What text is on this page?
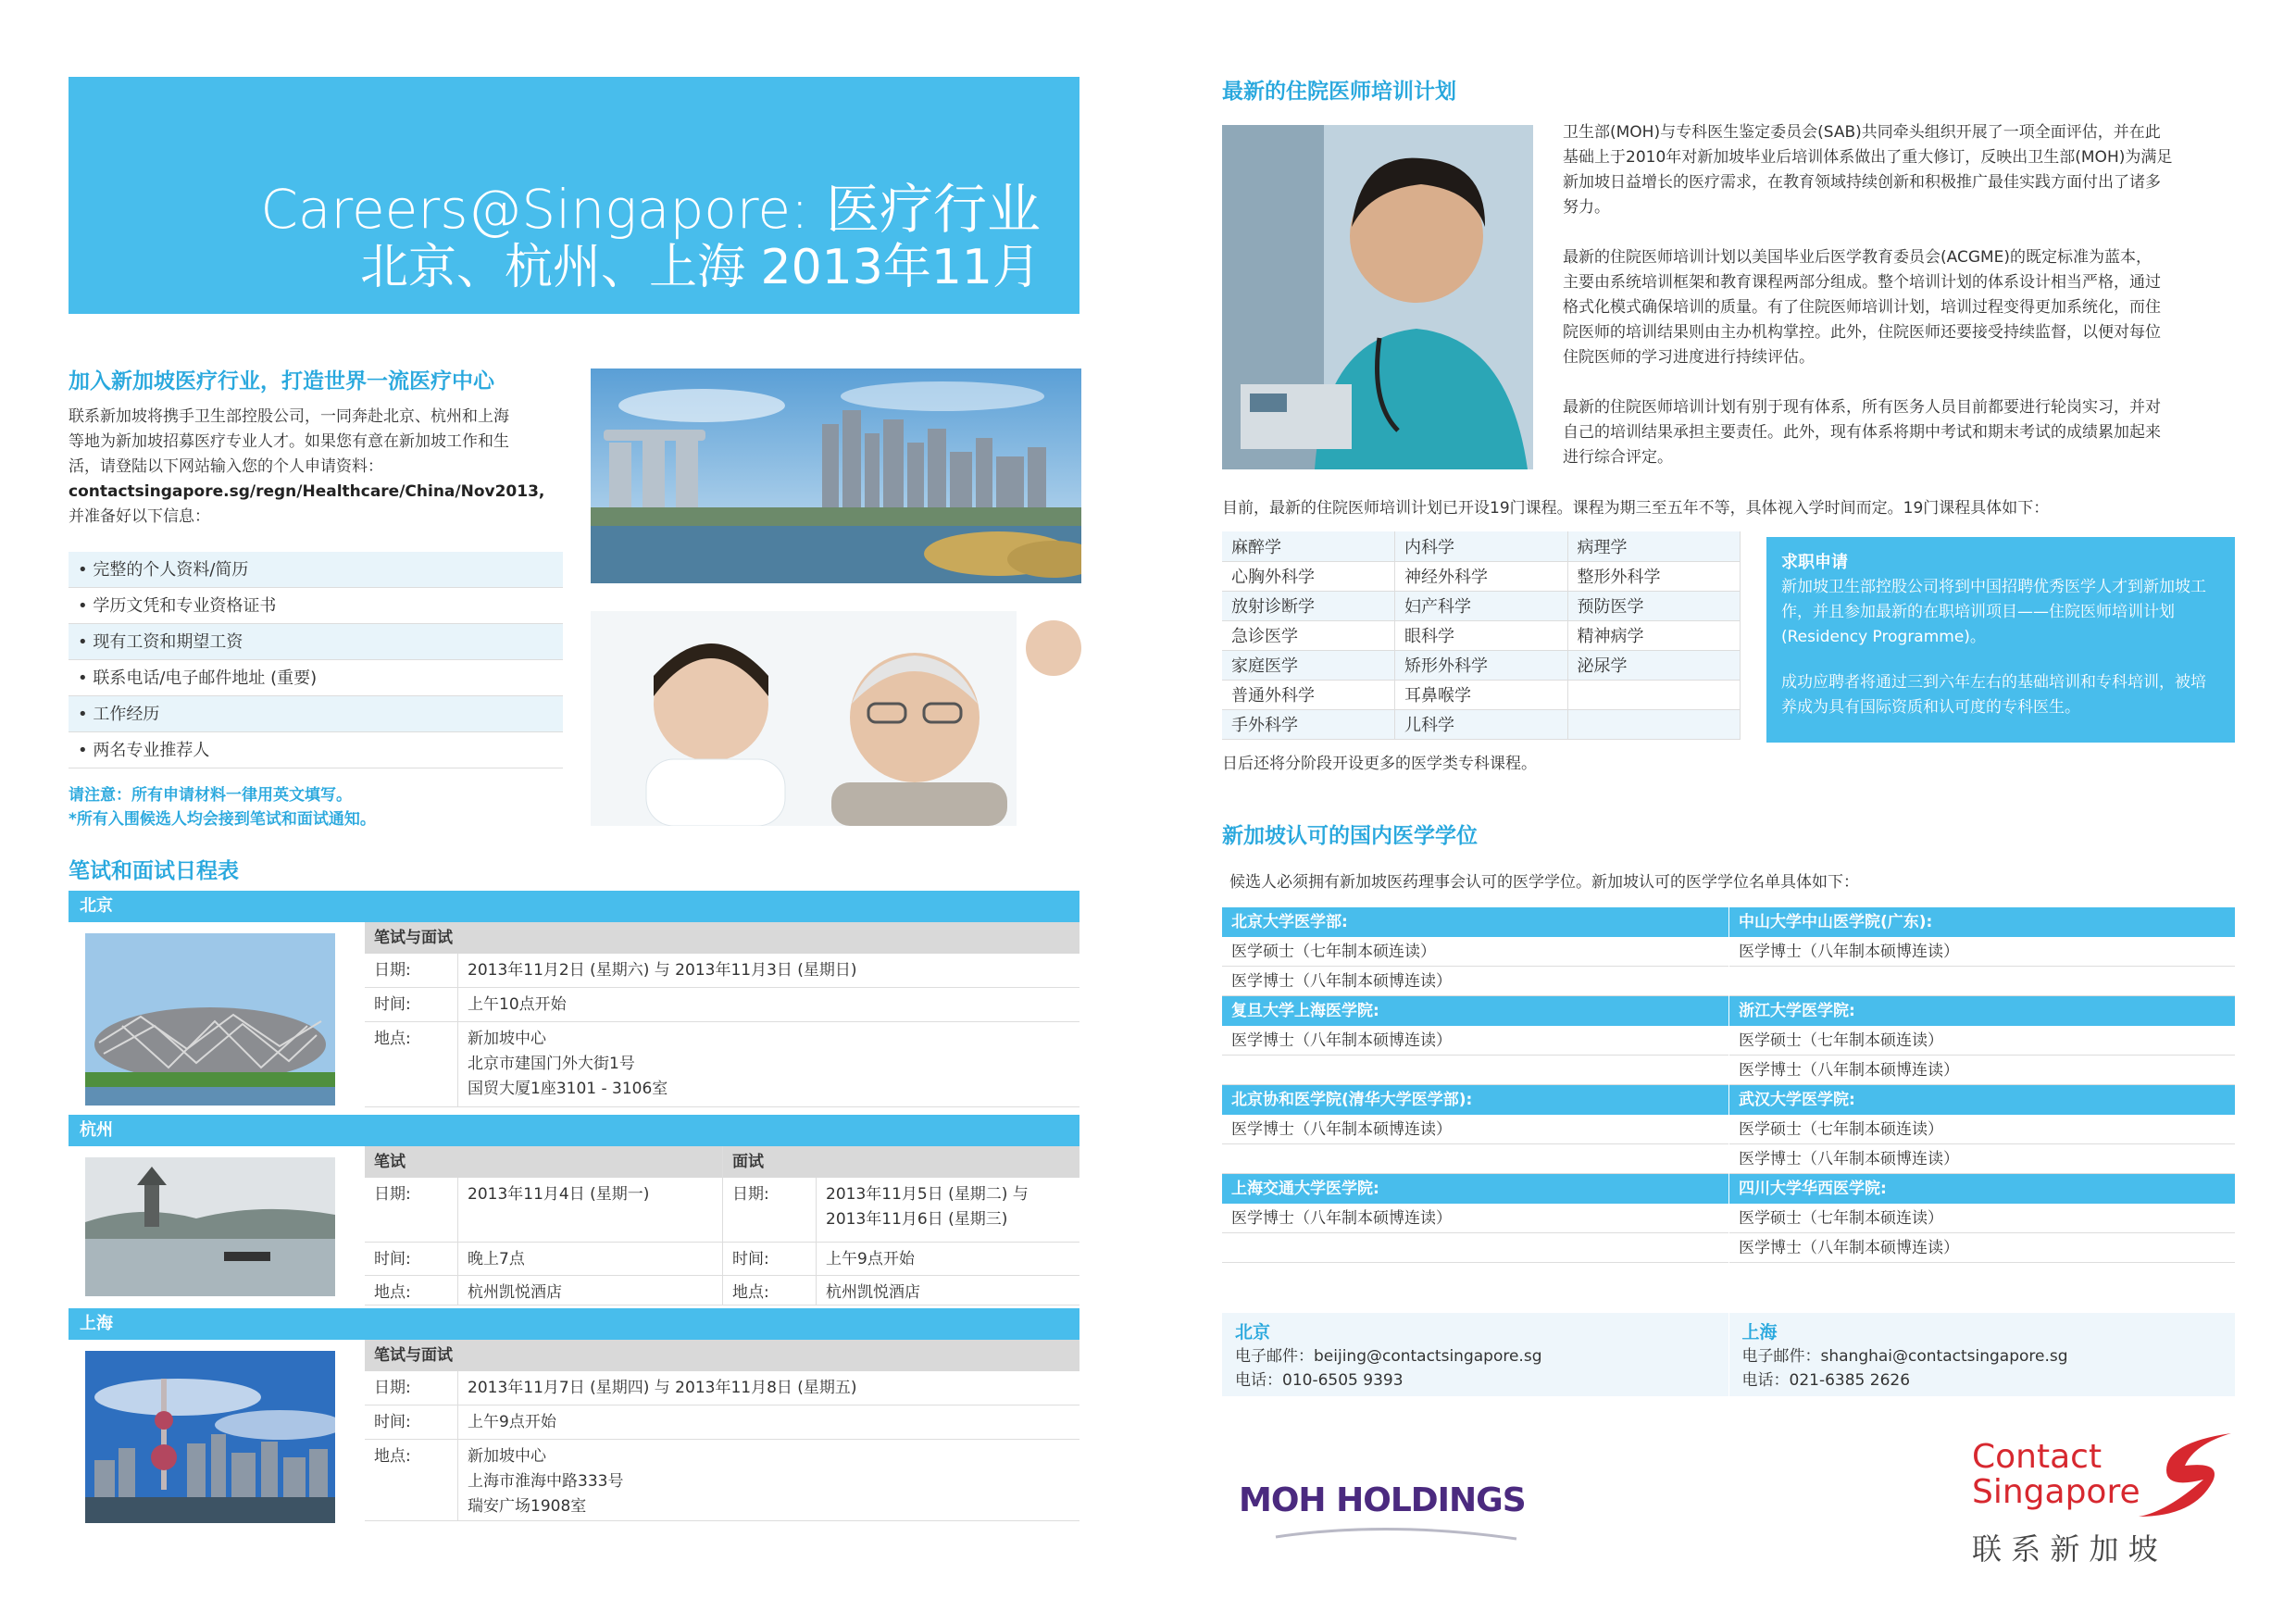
Careers@Singapore: 医疗行业
北京、杭州、上海 2013年11月
加入新加坡医疗行业，打造世界一流医疗中心
联系新加坡将携手卫生部控股公司，一同奔赴北京、杭州和上海
等地为新加坡招募医疗专业人才。如果您有意在新加坡工作和生
活，请登陆以下网站输入您的个人申请资料：
contactsingapore.sg/regn/Healthcare/China/Nov2013,
并准备好以下信息：
• 完整的个人资料/简历
• 学历文凭和专业资格证书
• 现有工资和期望工资
• 联系电话/电子邮件地址 (重要)
• 工作经历
• 两名专业推荐人
请注意：所有申请材料一律用英文填写。
*所有入围候选人均会接到笔试和面试通知。
笔试和面试日程表
北京
笔试与面试
日期:	2013年11月2日 (星期六) 与 2013年11月3日 (星期日)
时间:	上午10点开始
地点:	新加坡中心
北京市建国门外大街1号
国贸大厦1座3101 - 3106室
杭州
笔试
日期:	2013年11月4日 (星期一)
时间:	晚上7点
地点:	杭州凯悦酒店
面试
日期:	2013年11月5日 (星期二) 与
2013年11月6日 (星期三)
时间:	上午9点开始
地点:	杭州凯悦酒店
上海
笔试与面试
日期:	2013年11月7日 (星期四) 与 2013年11月8日 (星期五)
时间:	上午9点开始
地点:	新加坡中心
上海市淮海中路333号
瑞安广场1908室
最新的住院医师培训计划
卫生部(MOH)与专科医生鉴定委员会(SAB)共同牵头组织开展了一项全面评估，并在此
基础上于2010年对新加坡毕业后培训体系做出了重大修订，反映出卫生部(MOH)为满足
新加坡日益增长的医疗需求，在教育领域持续创新和积极推广最佳实践方面付出了诸多
努力。
最新的住院医师培训计划以美国毕业后医学教育委员会(ACGME)的既定标准为蓝本，
主要由系统培训框架和教育课程两部分组成。整个培训计划的体系设计相当严格，通过
格式化模式确保培训的质量。有了住院医师培训计划，培训过程变得更加系统化，而住
院医师的培训结果则由主办机构掌控。此外，住院医师还要接受持续监督，以便对每位
住院医师的学习进度进行持续评估。
最新的住院医师培训计划有别于现有体系，所有医务人员目前都要进行轮岗实习，并对
自己的培训结果承担主要责任。此外，现有体系将期中考试和期末考试的成绩累加起来
进行综合评定。
目前，最新的住院医师培训计划已开设19门课程。课程为期三至五年不等，具体视入学时间而定。19门课程具体如下：
麻醉学	内科学	病理学
心胸外科学	神经外科学	整形外科学
放射诊断学	妇产科学	预防医学
急诊医学	眼科学	精神病学
家庭医学	矫形外科学	泌尿学
普通外科学	耳鼻喉学	
手外科学	儿科学	
日后还将分阶段开设更多的医学类专科课程。
求职申请
新加坡卫生部控股公司将到中国招聘优秀医学人才到新加坡工作，并且参加最新的在职培训项目——住院医师培训计划(Residency Programme)。
成功应聘者将通过三到六年左右的基础培训和专科培训，被培养成为具有国际资质和认可度的专科医生。
新加坡认可的国内医学学位
候选人必须拥有新加坡医药理事会认可的医学学位。新加坡认可的医学学位名单具体如下：
北京大学医学部:
医学硕士（七年制本硕连读）
医学博士（八年制本硕博连读）
复旦大学上海医学院:
医学博士（八年制本硕博连读）
北京协和医学院(清华大学医学部):
医学博士（八年制本硕博连读）
上海交通大学医学院:
医学博士（八年制本硕博连读）
中山大学中山医学院(广东):
医学博士（八年制本硕博连读）
浙江大学医学院:
医学硕士（七年制本硕连读）
医学博士（八年制本硕博连读）
武汉大学医学院:
医学硕士（七年制本硕连读）
医学博士（八年制本硕博连读）
四川大学华西医学院:
医学硕士（七年制本硕连读）
医学博士（八年制本硕博连读）
北京
电子邮件：beijing@contactsingapore.sg
电话：010-6505 9393
上海
电子邮件：shanghai@contactsingapore.sg
电话：021-6385 2626
MOH HOLDINGS
Contact
Singapore
联 系 新 加 坡
